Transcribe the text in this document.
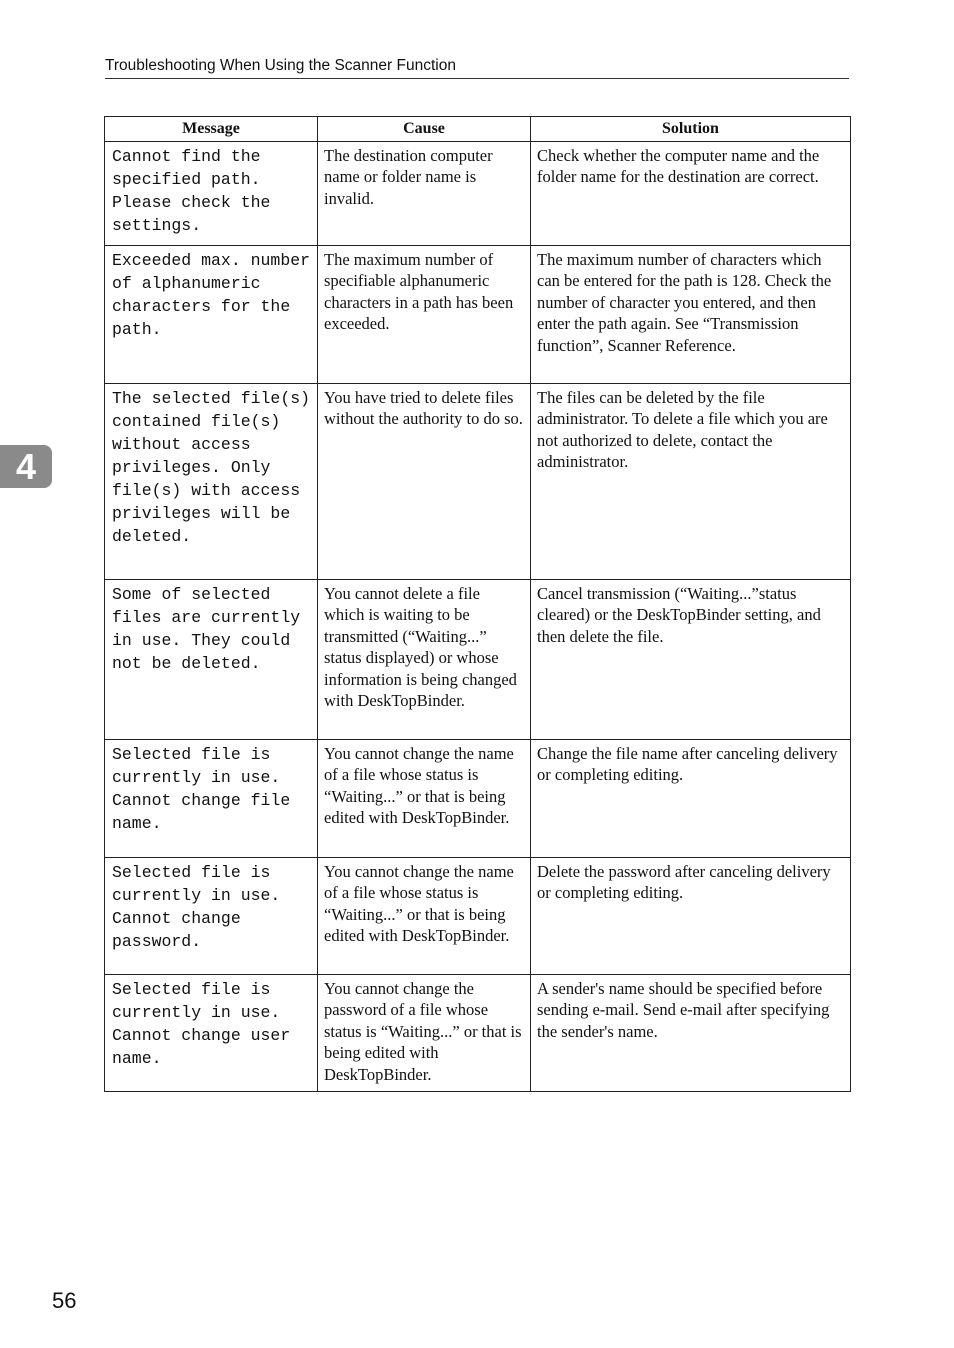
Troubleshooting When Using the Scanner Function
4
Message	Cause	Solution
Cannot find the specified path. Please check the settings.	The destination computer name or folder name is invalid.	Check whether the computer name and the folder name for the destination are correct.
Exceeded max. number of alphanumeric characters for the path.	The maximum number of specifiable alphanumeric characters in a path has been exceeded.	The maximum number of characters which can be entered for the path is 128. Check the number of character you entered, and then enter the path again. See “Transmission function”, Scanner Reference.
The selected file(s) contained file(s) without access privileges. Only file(s) with access privileges will be deleted.	You have tried to delete files without the authority to do so.	The files can be deleted by the file administrator. To delete a file which you are not authorized to delete, contact the administrator.
Some of selected files are currently in use. They could not be deleted.	You cannot delete a file which is waiting to be transmitted (“Waiting...” status displayed) or whose information is being changed with DeskTopBinder.	Cancel transmission (“Waiting...”status cleared) or the DeskTopBinder setting, and then delete the file.
Selected file is currently in use. Cannot change file name.	You cannot change the name of a file whose status is “Waiting...” or that is being edited with DeskTopBinder.	Change the file name after canceling delivery or completing editing.
Selected file is currently in use. Cannot change password.	You cannot change the name of a file whose status is “Waiting...” or that is being edited with DeskTopBinder.	Delete the password after canceling delivery or completing editing.
Selected file is currently in use. Cannot change user name.	You cannot change the password of a file whose status is “Waiting...” or that is being edited with DeskTopBinder.	A sender's name should be specified before sending e-mail. Send e-mail after specifying the sender's name.
56
